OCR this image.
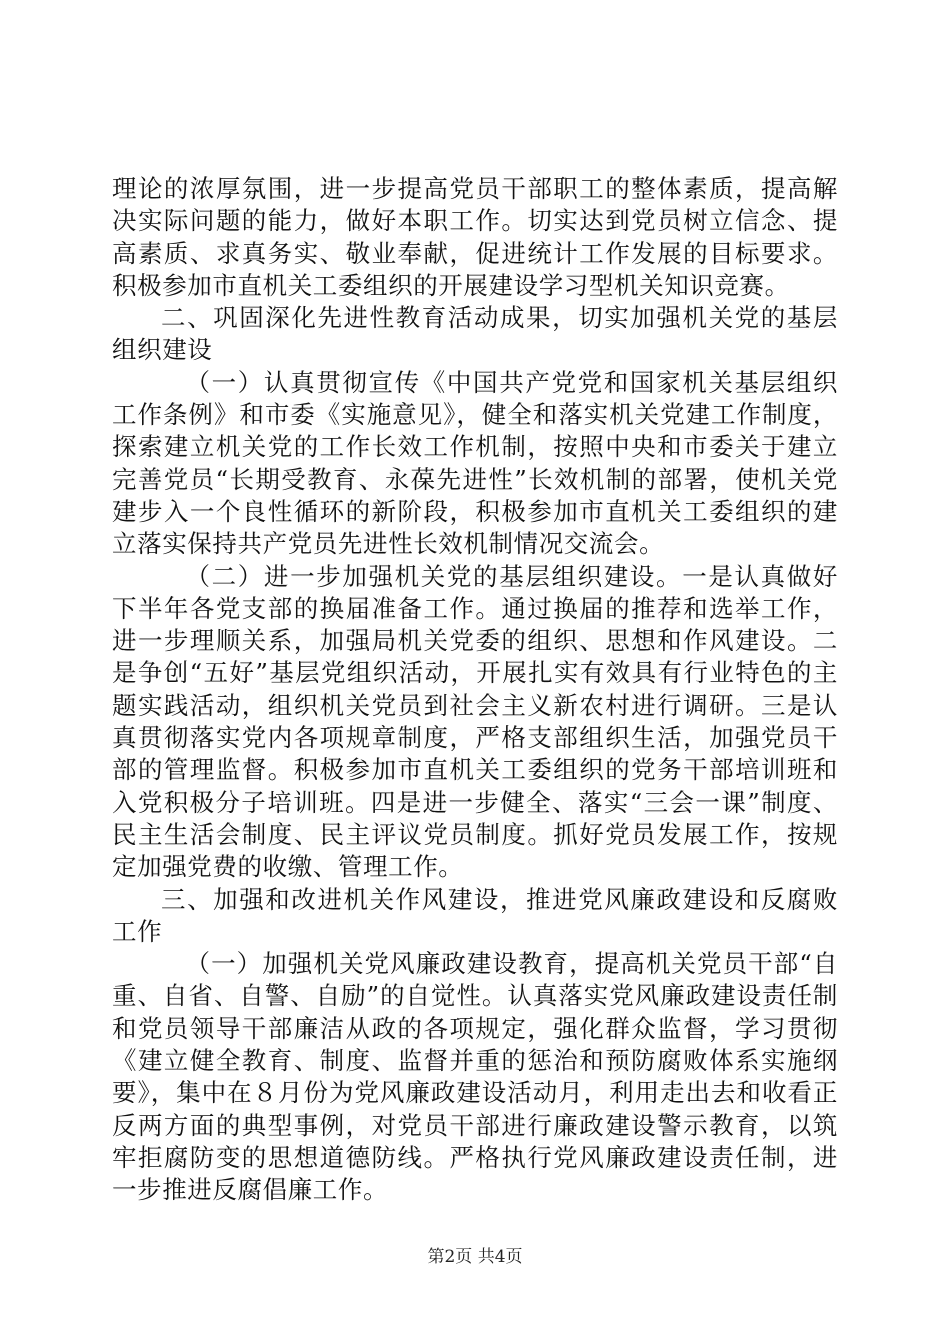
理论的浓厚氛围，进一步提高党员干部职工的整体素质，提高解决实际问题的能力，做好本职工作。切实达到党员树立信念、提高素质、求真务实、敬业奉献，促进统计工作发展的目标要求。积极参加市直机关工委组织的开展建设学习型机关知识竞赛。

二、巩固深化先进性教育活动成果，切实加强机关党的基层组织建设

（一）认真贯彻宣传《中国共产党党和国家机关基层组织工作条例》和市委《实施意见》，健全和落实机关党建工作制度，探索建立机关党的工作长效工作机制，按照中央和市委关于建立完善党员“长期受教育、永葆先进性”长效机制的部署，使机关党建步入一个良性循环的新阶段，积极参加市直机关工委组织的建立落实保持共产党员先进性长效机制情况交流会。

（二）进一步加强机关党的基层组织建设。一是认真做好下半年各党支部的换届准备工作。通过换届的推荐和选举工作，进一步理顺关系，加强局机关党委的组织、思想和作风建设。二是争创“五好”基层党组织活动，开展扎实有效具有行业特色的主题实践活动，组织机关党员到社会主义新农村进行调研。三是认真贯彻落实党内各项规章制度，严格支部组织生活，加强党员干部的管理监督。积极参加市直机关工委组织的党务干部培训班和入党积极分子培训班。四是进一步健全、落实“三会一课”制度、民主生活会制度、民主评议党员制度。抓好党员发展工作，按规定加强党费的收缴、管理工作。

三、加强和改进机关作风建设，推进党风廉政建设和反腐败工作

（一）加强机关党风廉政建设教育，提高机关党员干部“自重、自省、自警、自励”的自觉性。认真落实党风廉政建设责任制和党员领导干部廉洁从政的各项规定，强化群众监督，学习贯彻《建立健全教育、制度、监督并重的惩治和预防腐败体系实施纲要》，集中在８月份为党风廉政建设活动月，利用走出去和收看正反两方面的典型事例，对党员干部进行廉政建设警示教育，以筑牢拒腐防变的思想道德防线。严格执行党风廉政建设责任制，进一步推进反腐倡廉工作。

第2页 共4页
